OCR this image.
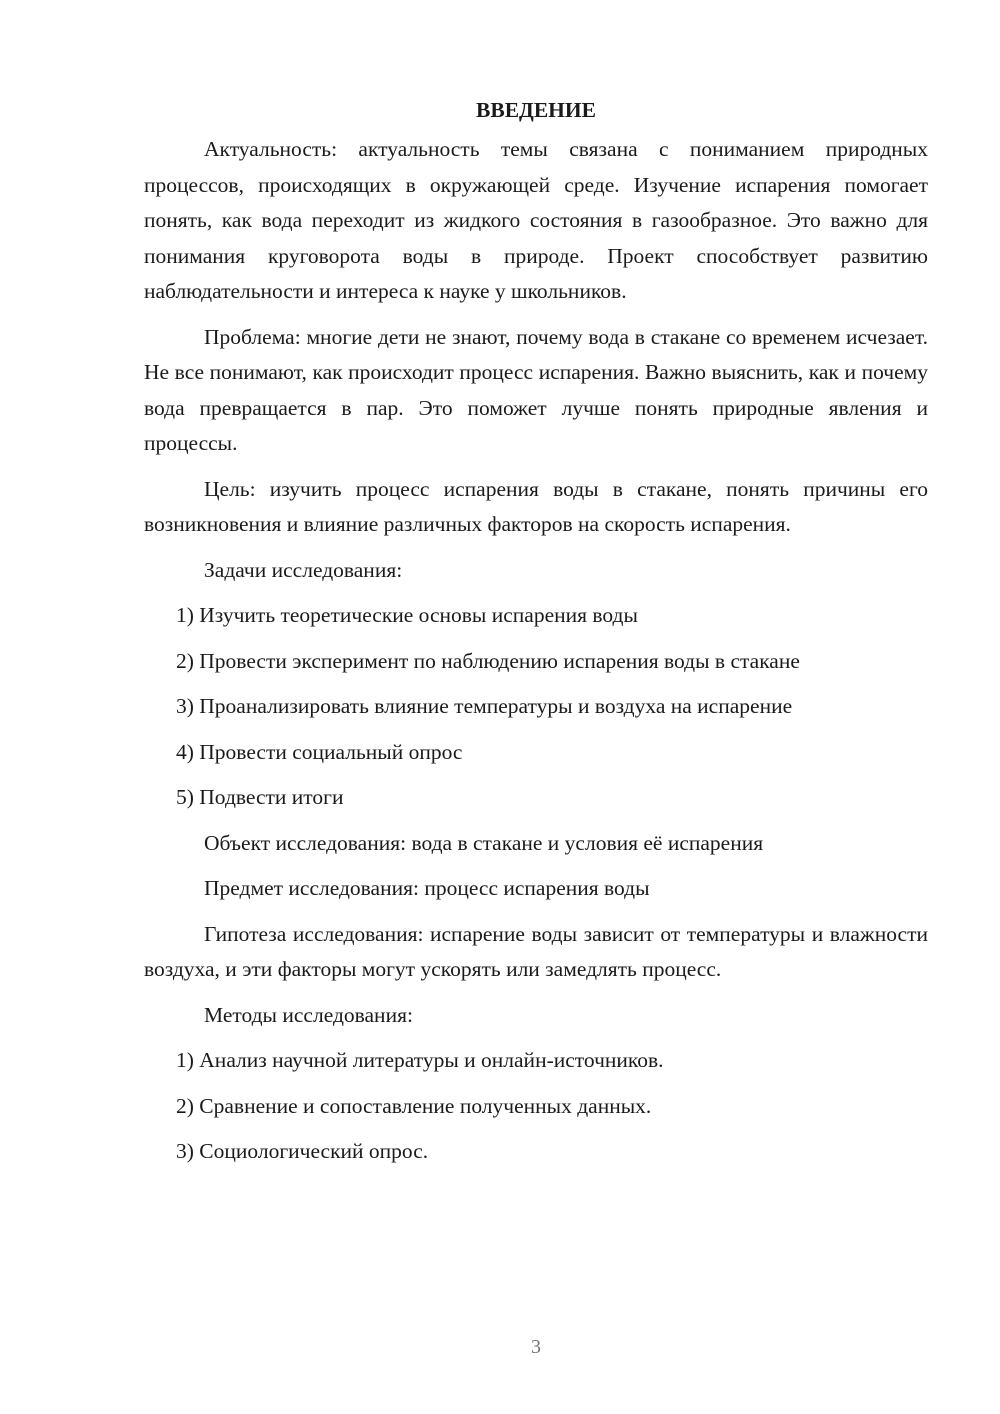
ВВЕДЕНИЕ

Актуальность: актуальность темы связана с пониманием природных процессов, происходящих в окружающей среде. Изучение испарения помогает понять, как вода переходит из жидкого состояния в газообразное. Это важно для понимания круговорота воды в природе. Проект способствует развитию наблюдательности и интереса к науке у школьников.

Проблема: многие дети не знают, почему вода в стакане со временем исчезает. Не все понимают, как происходит процесс испарения. Важно выяснить, как и почему вода превращается в пар. Это поможет лучше понять природные явления и процессы.

Цель: изучить процесс испарения воды в стакане, понять причины его возникновения и влияние различных факторов на скорость испарения.

Задачи исследования:

1) Изучить теоретические основы испарения воды
2) Провести эксперимент по наблюдению испарения воды в стакане
3) Проанализировать влияние температуры и воздуха на испарение
4) Провести социальный опрос
5) Подвести итоги

Объект исследования: вода в стакане и условия её испарения

Предмет исследования: процесс испарения воды

Гипотеза исследования: испарение воды зависит от температуры и влажности воздуха, и эти факторы могут ускорять или замедлять процесс.

Методы исследования:

1) Анализ научной литературы и онлайн-источников.
2) Сравнение и сопоставление полученных данных.
3) Социологический опрос.
3
